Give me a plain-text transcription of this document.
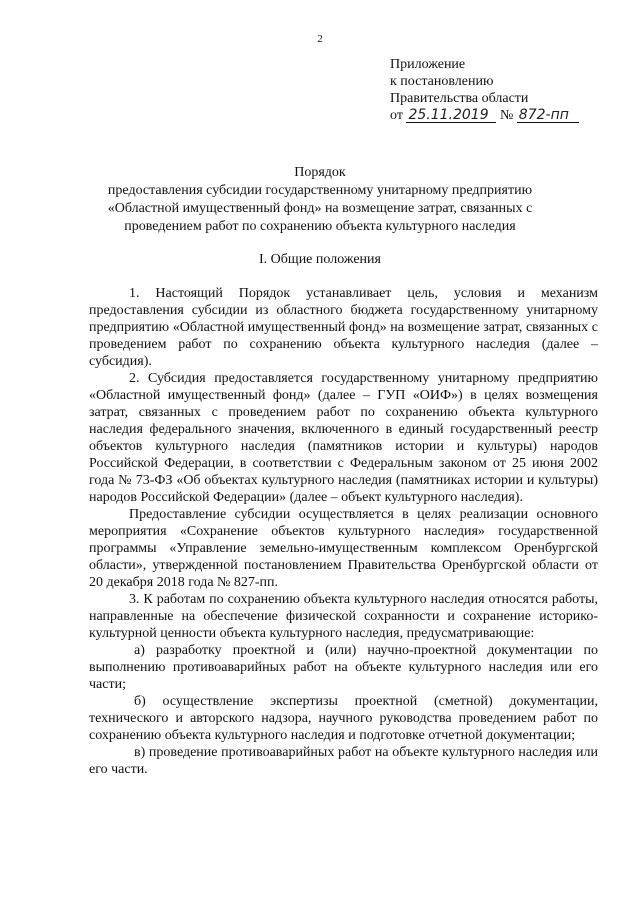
2
Приложение
к постановлению
Правительства области
от 25.11.2019 № 872-пп
Порядок
предоставления субсидии государственному унитарному предприятию
«Областной имущественный фонд» на возмещение затрат, связанных с
проведением работ по сохранению объекта культурного наследия
I. Общие положения

1. Настоящий Порядок устанавливает цель, условия и механизм предоставления субсидии из областного бюджета государственному унитарному предприятию «Областной имущественный фонд» на возмещение затрат, связанных с проведением работ по сохранению объекта культурного наследия (далее – субсидия).

2. Субсидия предоставляется государственному унитарному предприятию «Областной имущественный фонд» (далее – ГУП «ОИФ») в целях возмещения затрат, связанных с проведением работ по сохранению объекта культурного наследия федерального значения, включенного в единый государственный реестр объектов культурного наследия (памятников истории и культуры) народов Российской Федерации, в соответствии с Федеральным законом от 25 июня 2002 года № 73-ФЗ «Об объектах культурного наследия (памятниках истории и культуры) народов Российской Федерации» (далее – объект культурного наследия).

Предоставление субсидии осуществляется в целях реализации основного мероприятия «Сохранение объектов культурного наследия» государственной программы «Управление земельно-имущественным комплексом Оренбургской области», утвержденной постановлением Правительства Оренбургской области от 20 декабря 2018 года № 827-пп.

3. К работам по сохранению объекта культурного наследия относятся работы, направленные на обеспечение физической сохранности и сохранение историко-культурной ценности объекта культурного наследия, предусматривающие:

а) разработку проектной и (или) научно-проектной документации по выполнению противоаварийных работ на объекте культурного наследия или его части;

б) осуществление экспертизы проектной (сметной) документации, технического и авторского надзора, научного руководства проведением работ по сохранению объекта культурного наследия и подготовке отчетной документации;

в) проведение противоаварийных работ на объекте культурного наследия или его части.
